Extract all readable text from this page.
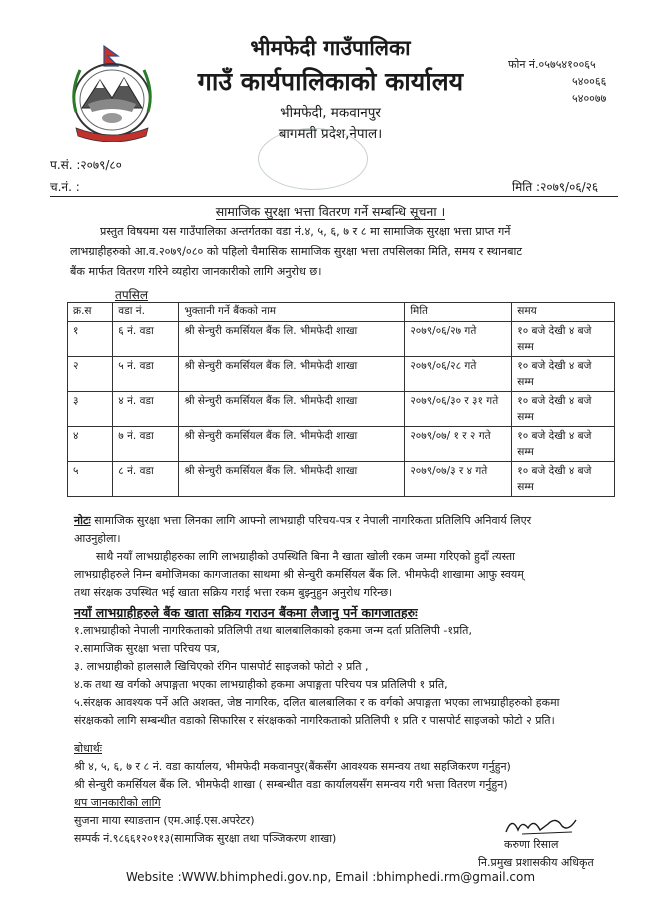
भीमफेदी गाउँपालिका
गाउँ कार्यपालिकाको कार्यालय
भीमफेदी, मकवानपुर
बागमती प्रदेश,नेपाल।
फोन नं.०५७५४१००६५
५४००६६
५४००७७
प.सं. :२०७९/८०
च.नं. :	मिति :२०७९/०६/२६
सामाजिक सुरक्षा भत्ता वितरण गर्ने सम्बन्धि सूचना ।
प्रस्तुत विषयमा यस गाउँपालिका अन्तर्गतका वडा नं.४, ५, ६, ७ र ८ मा सामाजिक सुरक्षा भत्ता प्राप्त गर्ने
लाभग्राहीहरुको आ.व.२०७९/०८० को पहिलो चैमासिक सामाजिक सुरक्षा भत्ता तपसिलका मिति, समय र स्थानबाट
बैंक मार्फत वितरण गरिने व्यहोरा जानकारीको लागि अनुरोध छ।
तपसिल
क्र.स	वडा नं.	भुक्तानी गर्ने बैंकको नाम	मिति	समय
१	६ नं. वडा	श्री सेन्चुरी कमर्सियल बैंक लि. भीमफेदी शाखा	२०७९/०६/२७ गते	१० बजे देखी ४ बजे सम्म
२	५ नं. वडा	श्री सेन्चुरी कमर्सियल बैंक लि. भीमफेदी शाखा	२०७९/०६/२८ गते	१० बजे देखी ४ बजे सम्म
३	४ नं. वडा	श्री सेन्चुरी कमर्सियल बैंक लि. भीमफेदी शाखा	२०७९/०६/३० र ३१ गते	१० बजे देखी ४ बजे सम्म
४	७ नं. वडा	श्री सेन्चुरी कमर्सियल बैंक लि. भीमफेदी शाखा	२०७९/०७/ १ र २ गते	१० बजे देखी ४ बजे सम्म
५	८ नं. वडा	श्री सेन्चुरी कमर्सियल बैंक लि. भीमफेदी शाखा	२०७९/०७/३ र ४ गते	१० बजे देखी ४ बजे सम्म
नोटः सामाजिक सुरक्षा भत्ता लिनका लागि आफ्नो लाभग्राही परिचय-पत्र र नेपाली नागरिकता प्रतिलिपि अनिवार्य लिएर
आउनुहोला।
साथै नयाँ लाभग्राहीहरुका लागि लाभग्राहीको उपस्थिति बिना नै खाता खोली रकम जम्मा गरिएको हुदाँ त्यस्ता
लाभग्राहीहरुले निम्न बमोजिमका कागजातका साथमा श्री सेन्चुरी कमर्सियल बैंक लि. भीमफेदी शाखामा आफु स्वयम्
तथा संरक्षक उपस्थित भई खाता सक्रिय गराई भत्ता रकम बुझ्नुहुन अनुरोध गरिन्छ।
नयाँ लाभग्राहीहरुले बैंक खाता सक्रिय गराउन बैंकमा लैजानु पर्ने कागजातहरुः
१.लाभग्राहीको नेपाली नागरिकताको प्रतिलिपी तथा बालबालिकाको हकमा जन्म दर्ता प्रतिलिपी -१प्रति,
२.सामाजिक सुरक्षा भत्ता परिचय पत्र,
३. लाभग्राहीको हालसालै खिचिएको रंगिन पासपोर्ट साइजको फोटो २ प्रति ,
४.क तथा ख वर्गको अपाङ्गता भएका लाभग्राहीको हकमा अपाङ्गता परिचय पत्र प्रतिलिपी १ प्रति,
५.संरक्षक आवश्यक पर्ने अति अशक्त, जेष्ठ नागरिक, दलित बालबालिका र क वर्गको अपाङ्गता भएका लाभग्राहीहरुको हकमा
संरक्षकको लागि सम्बन्धीत वडाको सिफारिस र संरक्षकको नागरिकताको प्रतिलिपी १ प्रति र पासपोर्ट साइजको फोटो २ प्रति।
बोधार्थः
श्री ४, ५, ६, ७ र ८ नं. वडा कार्यालय, भीमफेदी मकवानपुर(बैंकसँग आवश्यक समन्वय तथा सहजिकरण गर्नुहुन)
श्री सेन्चुरी कमर्सियल बैंक लि. भीमफेदी शाखा ( सम्बन्धीत वडा कार्यालयसँग समन्वय गरी भत्ता वितरण गर्नुहुन)
थप जानकारीको लागि
सुजना माया स्याङतान (एम.आई.एस.अपरेटर)
सम्पर्क नं.९८६६१२०११३(सामाजिक सुरक्षा तथा पञ्जिकरण शाखा)	करुणा रिसाल
नि.प्रमुख प्रशासकीय अधिकृत
Website :WWW.bhimphedi.gov.np, Email :bhimphedi.rm@gmail.com
